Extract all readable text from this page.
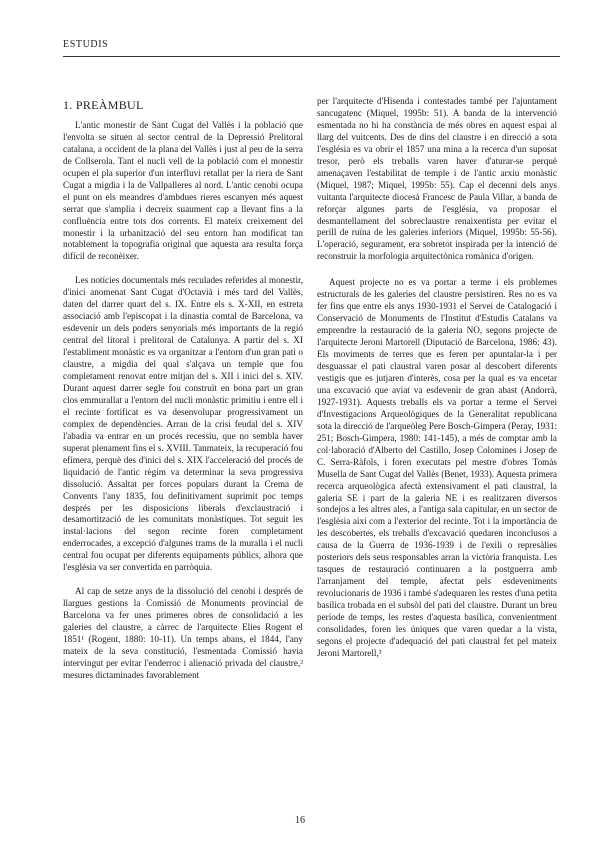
ESTUDIS
1. PREÀMBUL

L'antic monestir de Sant Cugat del Vallès i la població que l'envolta se situen al sector central de la Depressió Prelitoral catalana, a occident de la plana del Vallès i just al peu de la serra de Collserola. Tant el nucli vell de la població com el monestir ocupen el pla superior d'un interfluvi retallat per la riera de Sant Cugat a migdia i la de Vallpalleres al nord. L'antic cenobi ocupa el punt on els meandres d'ambdues rieres escanyen més aquest serrat que s'amplia i decreix suaument cap a llevant fins a la confluència entre tots dos corrents. El mateix creixement del monestir i la urbanització del seu entorn han modificat tan notablement la topografia original que aquesta ara resulta força difícil de reconèixer.

Les notícies documentals més reculades referides al monestir, d'inici anomenat Sant Cugat d'Octavià i més tard del Vallès, daten del darrer quart del s. IX. Entre els s. X-XII, en estreta associació amb l'episcopat i la dinastia comtal de Barcelona, va esdevenir un dels poders senyorials més importants de la regió central del litoral i prelitoral de Catalunya. A partir del s. XI l'establiment monàstic es va organitzar a l'entorn d'un gran pati o claustre, a migdia del qual s'alçava un temple que fou completament renovat entre mitjan del s. XII i inici del s. XIV. Durant aquest darrer segle fou construït en bona part un gran clos emmurallat a l'entorn del nucli monàstic primitiu i entre ell i el recinte fortificat es va desenvolupar progressivament un complex de dependències. Arran de la crisi feudal del s. XIV l'abadia va entrar en un procés recessiu, que no sembla haver superat plenament fins el s. XVIII. Tanmateix, la recuperació fou efímera, perquè des d'inici del s. XIX l'acceleració del procés de liquidació de l'antic règim va determinar la seva progressiva dissolució. Assaltat per forces populars durant la Crema de Convents l'any 1835, fou definitivament suprimit poc temps després per les disposicions liberals d'exclaustració i desamortització de les comunitats monàstiques. Tot seguit les instal·lacions del segon recinte foren completament enderrocades, a excepció d'algunes trams de la muralla i el nucli central fou ocupat per diferents equipaments públics, alhora que l'església va ser convertida en parròquia.

Al cap de setze anys de la dissolució del cenobi i després de llargues gestions la Comissió de Monuments provincial de Barcelona va fer unes primeres obres de consolidació a les galeries del claustre, a càrrec de l'arquitecte Elies Rogent el 1851¹ (Rogent, 1880: 10-11). Un temps abans, el 1844, l'any mateix de la seva constitució, l'esmentada Comissió havia intervingut per evitar l'enderroc i alienació privada del claustre,² mesures dictaminades favorablement

per l'arquitecte d'Hisenda i contestades també per l'ajuntament sancugatenc (Miquel, 1995b: 51). A banda de la intervenció esmentada no hi ha constància de més obres en aquest espai al llarg del vuitcents. Des de dins del claustre i en direcció a sota l'església es va obrir el 1857 una mina a la recerca d'un suposat tresor, però els treballs varen haver d'aturar-se perquè amenaçaven l'estabilitat de temple i de l'antic arxiu monàstic (Miquel, 1987; Miquel, 1995b: 55). Cap el decenni dels anys vuitanta l'arquitecte diocesà Francesc de Paula Villar, a banda de reforçar algunes parts de l'església, va proposar el desmantellament del sobreclaustre renaixentista per evitar el perill de ruïna de les galeries inferiors (Miquel, 1995b: 55-56). L'operació, segurament, era sobretot inspirada per la intenció de reconstruir la morfologia arquitectònica romànica d'origen.

Aquest projecte no es va portar a terme i els problemes estructurals de les galeries del claustre persistiren. Res no es va fer fins que entre els anys 1930-1931 el Servei de Catalogació i Conservació de Monuments de l'Institut d'Estudis Catalans va emprendre la restauració de la galeria NO, segons projecte de l'arquitecte Jeroni Martorell (Diputació de Barcelona, 1986: 43). Els moviments de terres que es feren per apuntalar-la i per desguassar el pati claustral varen posar al descobert diferents vestigis que es jutjaren d'interès, cosa per la qual es va encetar una excavació que aviat va esdevenir de gran abast (Andorrà, 1927-1931). Aquests treballs els va portar a terme el Servei d'Investigacions Arqueològiques de la Generalitat republicana sota la direcció de l'arqueòleg Pere Bosch-Gimpera (Peray, 1931: 251; Bosch-Gimpera, 1980: 141-145), a més de comptar amb la col·laboració d'Alberto del Castillo, Josep Colomines i Josep de C. Serra-Ràfols, i foren executats pel mestre d'obres Tomàs Musella de Sant Cugat del Vallès (Benet, 1933). Aquesta primera recerca arqueològica afectà extensivament el pati claustral, la galeria SE i part de la galeria NE i es realitzaren diversos sondejos a les altres ales, a l'antiga sala capitular, en un sector de l'església així com a l'exterior del recinte. Tot i la importància de les descobertes, els treballs d'excavació quedaren inconclusos a causa de la Guerra de 1936-1939 i de l'exili o represàlies posteriors dels seus responsables arran la victòria franquista. Les tasques de restauració continuaren a la postguerra amb l'arranjament del temple, afectat pels esdeveniments revolucionaris de 1936 i també s'adequaren les restes d'una petita basílica trobada en el subsòl del pati del claustre. Durant un breu període de temps, les restes d'aquesta basílica, convenientment consolidades, foren les úniques que varen quedar a la vista, segons el projecte d'adequació del pati claustral fet pel mateix Jeroni Martorell,³

16
